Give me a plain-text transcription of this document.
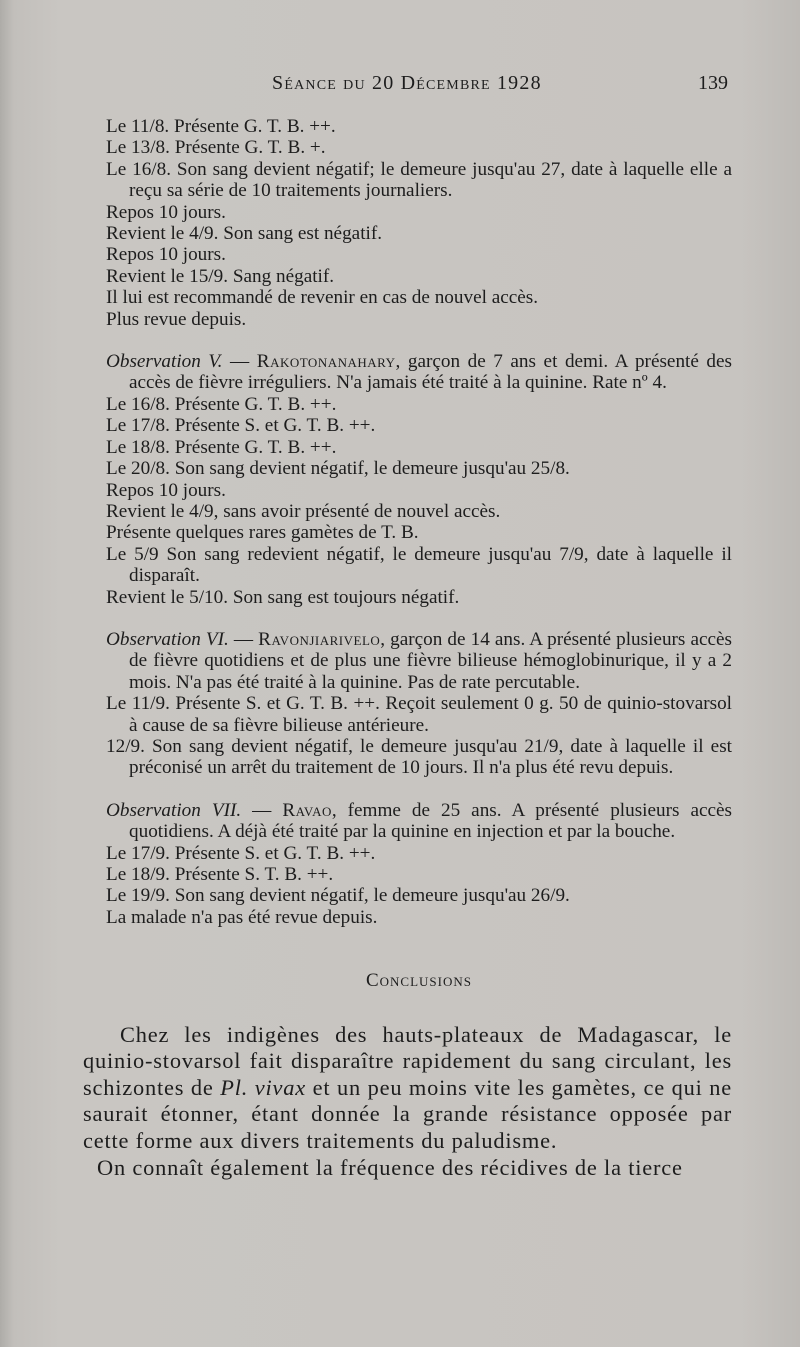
Séance du 20 Décembre 1928	139

Le 11/8. Présente G. T. B. ++.

Le 13/8. Présente G. T. B. +.

Le 16/8. Son sang devient négatif; le demeure jusqu'au 27, date à laquelle elle a reçu sa série de 10 traitements journaliers.

Repos 10 jours.

Revient le 4/9. Son sang est négatif.

Repos 10 jours.

Revient le 15/9. Sang négatif.

Il lui est recommandé de revenir en cas de nouvel accès.

Plus revue depuis.

Observation V. — Rakotonanahary, garçon de 7 ans et demi. A présenté des accès de fièvre irréguliers. N'a jamais été traité à la quinine. Rate nº 4.

Le 16/8. Présente G. T. B. ++.

Le 17/8. Présente S. et G. T. B. ++.

Le 18/8. Présente G. T. B. ++.

Le 20/8. Son sang devient négatif, le demeure jusqu'au 25/8.

Repos 10 jours.

Revient le 4/9, sans avoir présenté de nouvel accès.

Présente quelques rares gamètes de T. B.

Le 5/9 Son sang redevient négatif, le demeure jusqu'au 7/9, date à laquelle il disparaît.

Revient le 5/10. Son sang est toujours négatif.

Observation VI. — Ravonjiarivelo, garçon de 14 ans. A présenté plusieurs accès de fièvre quotidiens et de plus une fièvre bilieuse hémoglobinurique, il y a 2 mois. N'a pas été traité à la quinine. Pas de rate percutable.

Le 11/9. Présente S. et G. T. B. ++. Reçoit seulement 0 g. 50 de quinio-stovarsol à cause de sa fièvre bilieuse antérieure.

12/9. Son sang devient négatif, le demeure jusqu'au 21/9, date à laquelle il est préconisé un arrêt du traitement de 10 jours. Il n'a plus été revu depuis.

Observation VII. — Ravao, femme de 25 ans. A présenté plusieurs accès quotidiens. A déjà été traité par la quinine en injection et par la bouche.

Le 17/9. Présente S. et G. T. B. ++.

Le 18/9. Présente S. T. B. ++.

Le 19/9. Son sang devient négatif, le demeure jusqu'au 26/9.

La malade n'a pas été revue depuis.

Conclusions

Chez les indigènes des hauts-plateaux de Madagascar, le quinio-stovarsol fait disparaître rapidement du sang circulant, les schizontes de Pl. vivax et un peu moins vite les gamètes, ce qui ne saurait étonner, étant donnée la grande résistance opposée par cette forme aux divers traitements du paludisme.

On connaît également la fréquence des récidives de la tierce
